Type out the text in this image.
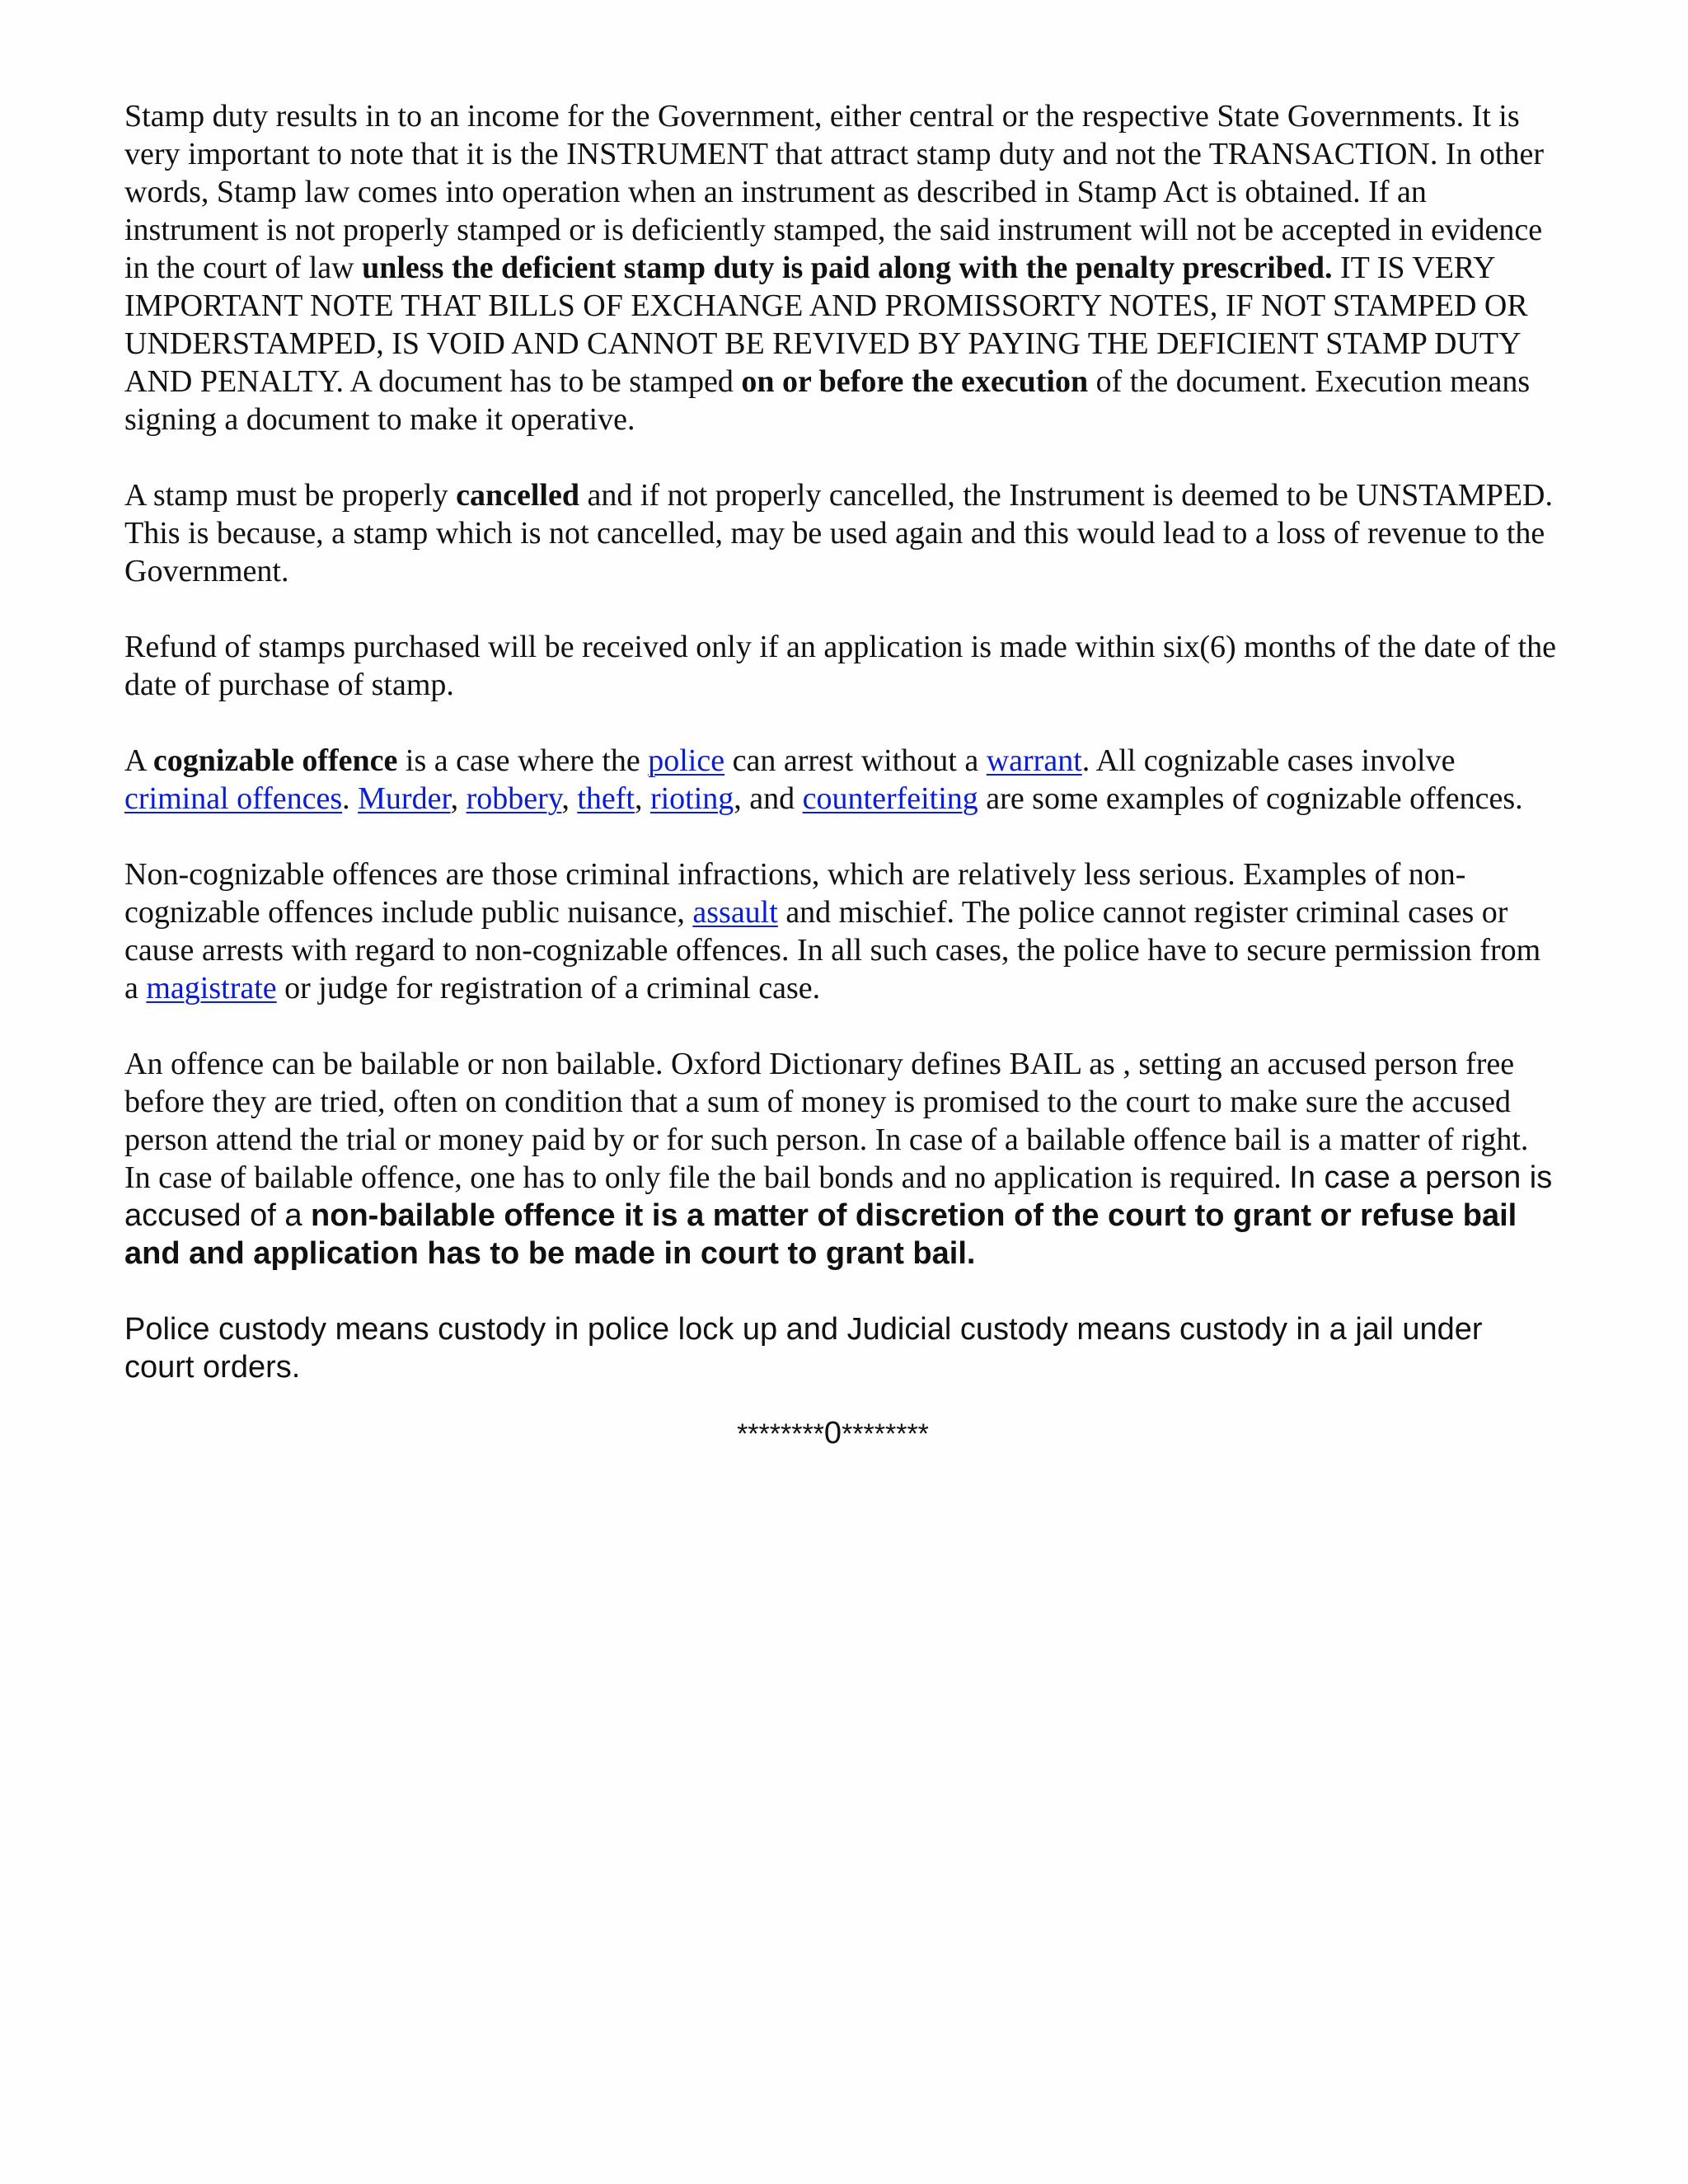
Stamp duty results in to an income for the Government, either central or the respective State Governments. It is very important to note that it is the INSTRUMENT that attract stamp duty and not the TRANSACTION. In other words, Stamp law comes into operation when an instrument as described in Stamp Act is obtained. If an instrument is not properly stamped or is deficiently stamped, the said instrument will not be accepted in evidence in the court of law unless the deficient stamp duty is paid along with the penalty prescribed. IT IS VERY IMPORTANT NOTE THAT BILLS OF EXCHANGE AND PROMISSORTY NOTES, IF NOT STAMPED OR UNDERSTAMPED, IS VOID AND CANNOT BE REVIVED BY PAYING THE DEFICIENT STAMP DUTY AND PENALTY. A document has to be stamped on or before the execution of the document. Execution means signing a document to make it operative.

A stamp must be properly cancelled and if not properly cancelled, the Instrument is deemed to be UNSTAMPED. This is because, a stamp which is not cancelled, may be used again and this would lead to a loss of revenue to the Government.

Refund of stamps purchased will be received only if an application is made within six(6) months of the date of the date of purchase of stamp.

A cognizable offence is a case where the police can arrest without a warrant. All cognizable cases involve criminal offences. Murder, robbery, theft, rioting, and counterfeiting are some examples of cognizable offences.

Non-cognizable offences are those criminal infractions, which are relatively less serious. Examples of non-cognizable offences include public nuisance, assault and mischief. The police cannot register criminal cases or cause arrests with regard to non-cognizable offences. In all such cases, the police have to secure permission from a magistrate or judge for registration of a criminal case.

An offence can be bailable or non bailable. Oxford Dictionary defines BAIL as , setting an accused person free before they are tried, often on condition that a sum of money is promised to the court to make sure the accused person attend the trial or money paid by or for such person. In case of a bailable offence bail is a matter of right. In case of bailable offence, one has to only file the bail bonds and no application is required. In case a person is accused of a non-bailable offence it is a matter of discretion of the court to grant or refuse bail and and application has to be made in court to grant bail.

Police custody means custody in police lock up and Judicial custody means custody in a jail under court orders.

********0********
